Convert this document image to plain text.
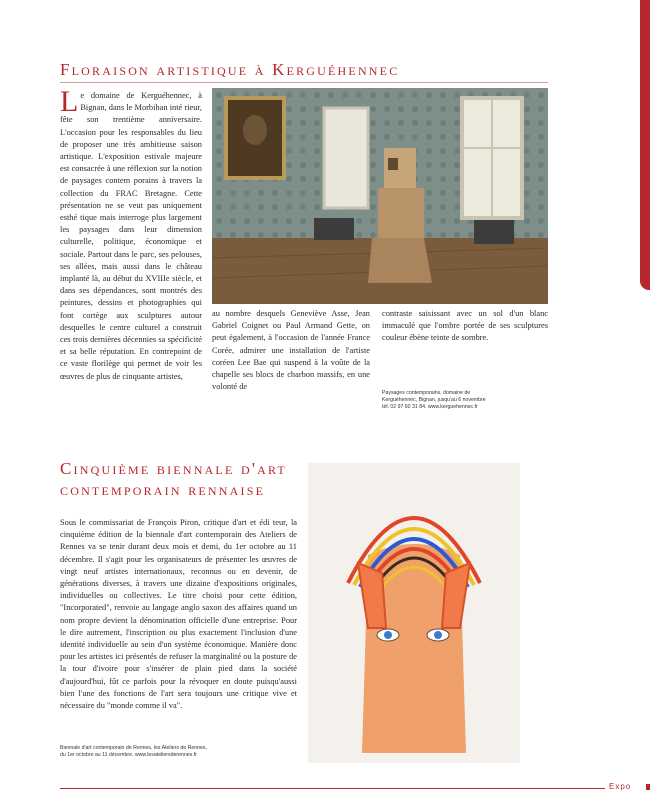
Floraison artistique à Kerguéhennec

Le domaine de Kerguéhennec, à Bignan, dans le Morbihan inté rieur, fête son trentième anniversaire. L'occasion pour les responsables du lieu de proposer une très ambitieuse saison artistique. L'exposition estivale majeure est consacrée à une réflexion sur la notion de paysages contem porains à travers la collection du FRAC Bretagne. Cette présentation ne se veut pas uniquement esthé tique mais interroge plus largement les paysages dans leur dimension culturelle, politique, économique et sociale. Partout dans le parc, ses pelouses, ses allées, mais aussi dans le château implanté là, au début du XVIIIe siècle, et dans ses dépendances, sont montrés des peintures, dessins et photographies qui font cortège aux sculptures autour desquelles le centre culturel a construit ces trois dernières décennies sa spécificité et sa belle réputation. En contrepoint de ce vaste florilège qui permet de voir les œuvres de plus de cinquante artistes,

au nombre desquels Geneviève Asse, Jean Gabriel Coignet ou Paul Armand Gette, on peut également, à l'occasion de l'année France Corée, admirer une installation de l'artiste coréen Lee Bae qui suspend à la voûte de la chapelle ses blocs de charbon massifs, en une volonté de

contraste saisissant avec un sol d'un blanc immaculé que l'ombre portée de ses sculptures couleur ébène teinte de sombre.

Paysages contemporains, domaine de
Kerguéhennec, Bignan, jusqu'au 6 novembre
tél. 02 97 60 31 84. www.kerguehennec.fr

Cinquième biennale d'art
contemporain rennaise

Sous le commissariat de François Piron, critique d'art et édi teur, la cinquième édition de la biennale d'art contemporain des Ateliers de Rennes va se tenir durant deux mois et demi, du 1er octobre au 11 décembre. Il s'agit pour les organisateurs de présenter les œuvres de vingt neuf artistes internationaux, reconnus ou en devenir, de générations diverses, à travers une dizaine d'expositions originales, individuelles ou collectives. Le titre choisi pour cette édition, "Incorporated", renvoie au langage anglo saxon des affaires quand un nom propre devient la dénomination officielle d'une entreprise. Pour le dire autrement, l'inscription ou plus exactement l'inclusion d'une identité individuelle au sein d'un système économique. Manière donc pour les artistes ici présentés de refuser la marginalité ou la posture de la tour d'ivoire pour s'insérer de plain pied dans la société d'aujourd'hui, fût ce parfois pour la révoquer en doute puisqu'aussi bien l'une des fonctions de l'art sera toujours une critique vive et nécessaire du "monde comme il va".

Biennale d'art contemporain de Rennes, les Ateliers de Rennes,
du 1er octobre au 11 décembre. www.lesateliersderennes.fr

Expo
